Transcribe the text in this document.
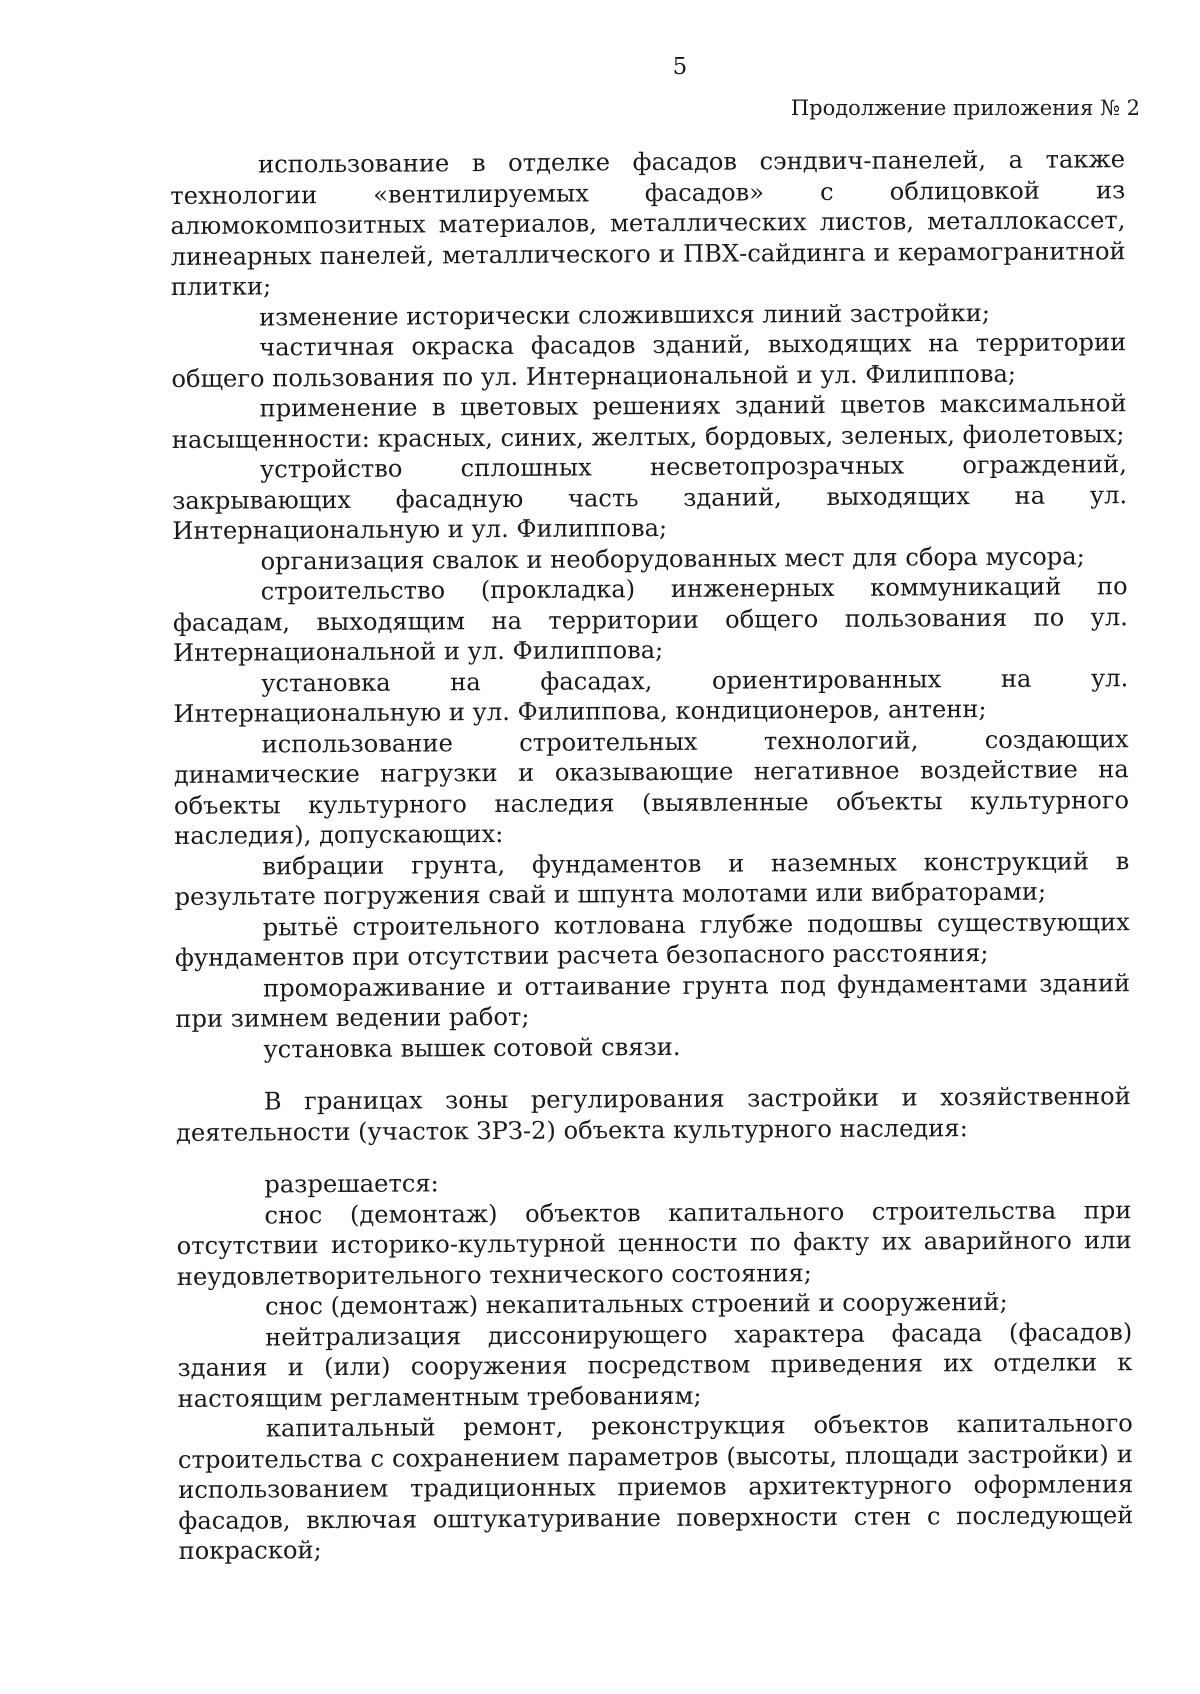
5
Продолжение приложения № 2

использование в отделке фасадов сэндвич-панелей, а также технологии «вентилируемых фасадов» с облицовкой из алюмокомпозитных материалов, металлических листов, металлокассет, линеарных панелей, металлического и ПВХ-сайдинга и керамогранитной плитки;

изменение исторически сложившихся линий застройки;

частичная окраска фасадов зданий, выходящих на территории общего пользования по ул. Интернациональной и ул. Филиппова;

применение в цветовых решениях зданий цветов максимальной насыщенности: красных, синих, желтых, бордовых, зеленых, фиолетовых;

устройство сплошных несветопрозрачных ограждений, закрывающих фасадную часть зданий, выходящих на ул. Интернациональную и ул. Филиппова;

организация свалок и необорудованных мест для сбора мусора;

строительство (прокладка) инженерных коммуникаций по фасадам, выходящим на территории общего пользования по ул. Интернациональной и ул. Филиппова;

установка на фасадах, ориентированных на ул. Интернациональную и ул. Филиппова, кондиционеров, антенн;

использование строительных технологий, создающих динамические нагрузки и оказывающие негативное воздействие на объекты культурного наследия (выявленные объекты культурного наследия), допускающих:

вибрации грунта, фундаментов и наземных конструкций в результате погружения свай и шпунта молотами или вибраторами;

рытьё строительного котлована глубже подошвы существующих фундаментов при отсутствии расчета безопасного расстояния;

промораживание и оттаивание грунта под фундаментами зданий при зимнем ведении работ;

установка вышек сотовой связи.

В границах зоны регулирования застройки и хозяйственной деятельности (участок ЗРЗ-2) объекта культурного наследия:

разрешается:

снос (демонтаж) объектов капитального строительства при отсутствии историко-культурной ценности по факту их аварийного или неудовлетворительного технического состояния;

снос (демонтаж) некапитальных строений и сооружений;

нейтрализация диссонирующего характера фасада (фасадов) здания и (или) сооружения посредством приведения их отделки к настоящим регламентным требованиям;

капитальный ремонт, реконструкция объектов капитального строительства с сохранением параметров (высоты, площади застройки) и использованием традиционных приемов архитектурного оформления фасадов, включая оштукатуривание поверхности стен с последующей покраской;
